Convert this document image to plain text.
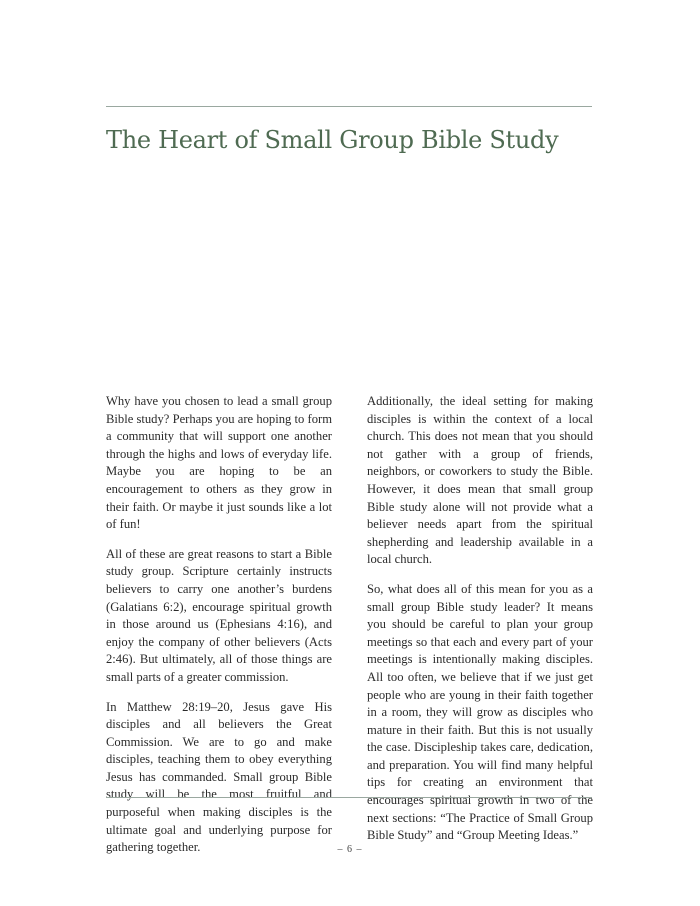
The Heart of Small Group Bible Study

Why have you chosen to lead a small group Bible study? Perhaps you are hoping to form a community that will support one another through the highs and lows of everyday life. Maybe you are hoping to be an encouragement to others as they grow in their faith. Or maybe it just sounds like a lot of fun!

All of these are great reasons to start a Bible study group. Scripture certainly instructs believers to carry one another’s burdens (Galatians 6:2), encourage spiritual growth in those around us (Ephesians 4:16), and enjoy the company of other believers (Acts 2:46). But ultimately, all of those things are small parts of a greater commission.

In Matthew 28:19–20, Jesus gave His disciples and all believers the Great Commission. We are to go and make disciples, teaching them to obey everything Jesus has commanded. Small group Bible study will be the most fruitful and purposeful when making disciples is the ultimate goal and underlying purpose for gathering together.

Additionally, the ideal setting for making disciples is within the context of a local church. This does not mean that you should not gather with a group of friends, neighbors, or coworkers to study the Bible. However, it does mean that small group Bible study alone will not provide what a believer needs apart from the spiritual shepherding and leadership available in a local church.

So, what does all of this mean for you as a small group Bible study leader? It means you should be careful to plan your group meetings so that each and every part of your meetings is intentionally making disciples. All too often, we believe that if we just get people who are young in their faith together in a room, they will grow as disciples who mature in their faith. But this is not usually the case. Discipleship takes care, dedication, and preparation. You will find many helpful tips for creating an environment that encourages spiritual growth in two of the next sections: “The Practice of Small Group Bible Study” and “Group Meeting Ideas.”

– 6 –
